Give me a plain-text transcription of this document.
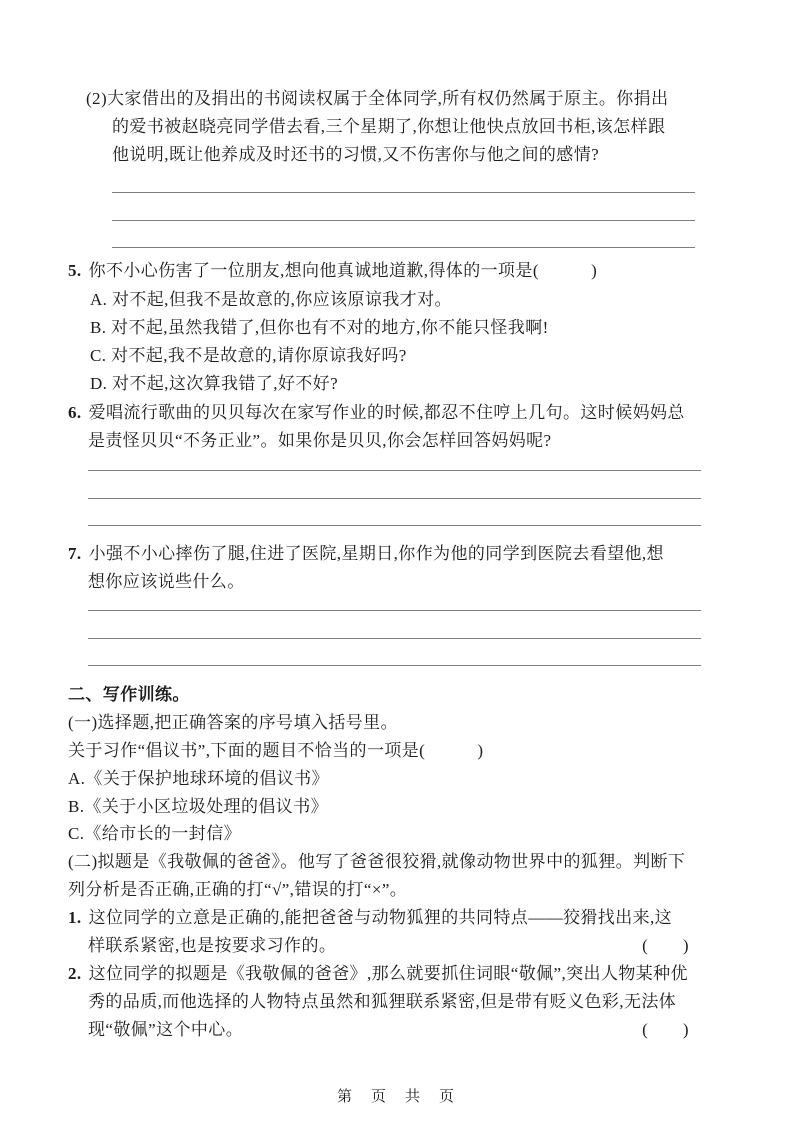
(2)大家借出的及捐出的书阅读权属于全体同学,所有权仍然属于原主。你捐出
的爱书被赵晓亮同学借去看,三个星期了,你想让他快点放回书柜,该怎样跟
他说明,既让他养成及时还书的习惯,又不伤害你与他之间的感情?
5. 你不小心伤害了一位朋友,想向他真诚地道歉,得体的一项是(　　　)
A. 对不起,但我不是故意的,你应该原谅我才对。
B. 对不起,虽然我错了,但你也有不对的地方,你不能只怪我啊!
C. 对不起,我不是故意的,请你原谅我好吗?
D. 对不起,这次算我错了,好不好?
6. 爱唱流行歌曲的贝贝每次在家写作业的时候,都忍不住哼上几句。这时候妈妈总
是责怪贝贝“不务正业”。如果你是贝贝,你会怎样回答妈妈呢?
7. 小强不小心摔伤了腿,住进了医院,星期日,你作为他的同学到医院去看望他,想
想你应该说些什么。
二、写作训练。
(一)选择题,把正确答案的序号填入括号里。
关于习作“倡议书”,下面的题目不恰当的一项是(　　　)
A.《关于保护地球环境的倡议书》
B.《关于小区垃圾处理的倡议书》
C.《给市长的一封信》
(二)拟题是《我敬佩的爸爸》。他写了爸爸很狡猾,就像动物世界中的狐狸。判断下
列分析是否正确,正确的打“√”,错误的打“×”。
1. 这位同学的立意是正确的,能把爸爸与动物狐狸的共同特点——狡猾找出来,这
样联系紧密,也是按要求习作的。	(　　)
2. 这位同学的拟题是《我敬佩的爸爸》,那么就要抓住词眼“敬佩”,突出人物某种优
秀的品质,而他选择的人物特点虽然和狐狸联系紧密,但是带有贬义色彩,无法体
现“敬佩”这个中心。	(　　)
第　页　共　页
